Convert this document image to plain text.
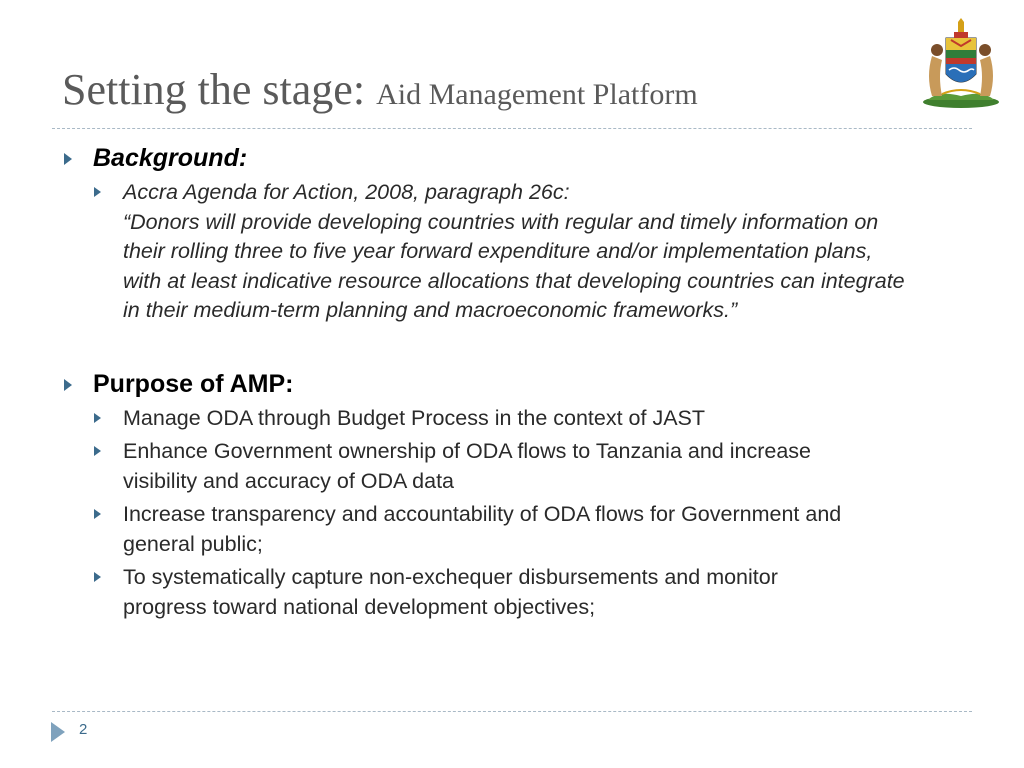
Setting the stage: Aid Management Platform
Background:
Accra Agenda for Action, 2008, paragraph 26c:
“Donors will provide developing countries with regular and timely information on
their rolling three to five year forward expenditure and/or implementation plans,
with at least indicative resource allocations that developing countries can integrate
in their medium-term planning and macroeconomic frameworks.”
Purpose of AMP:
Manage ODA through Budget Process in the context of JAST
Enhance Government ownership of ODA flows to Tanzania and increase
visibility and accuracy of ODA data
Increase transparency and accountability of ODA flows for Government and
general public;
To systematically capture non-exchequer disbursements and monitor
progress toward national development objectives;
2
